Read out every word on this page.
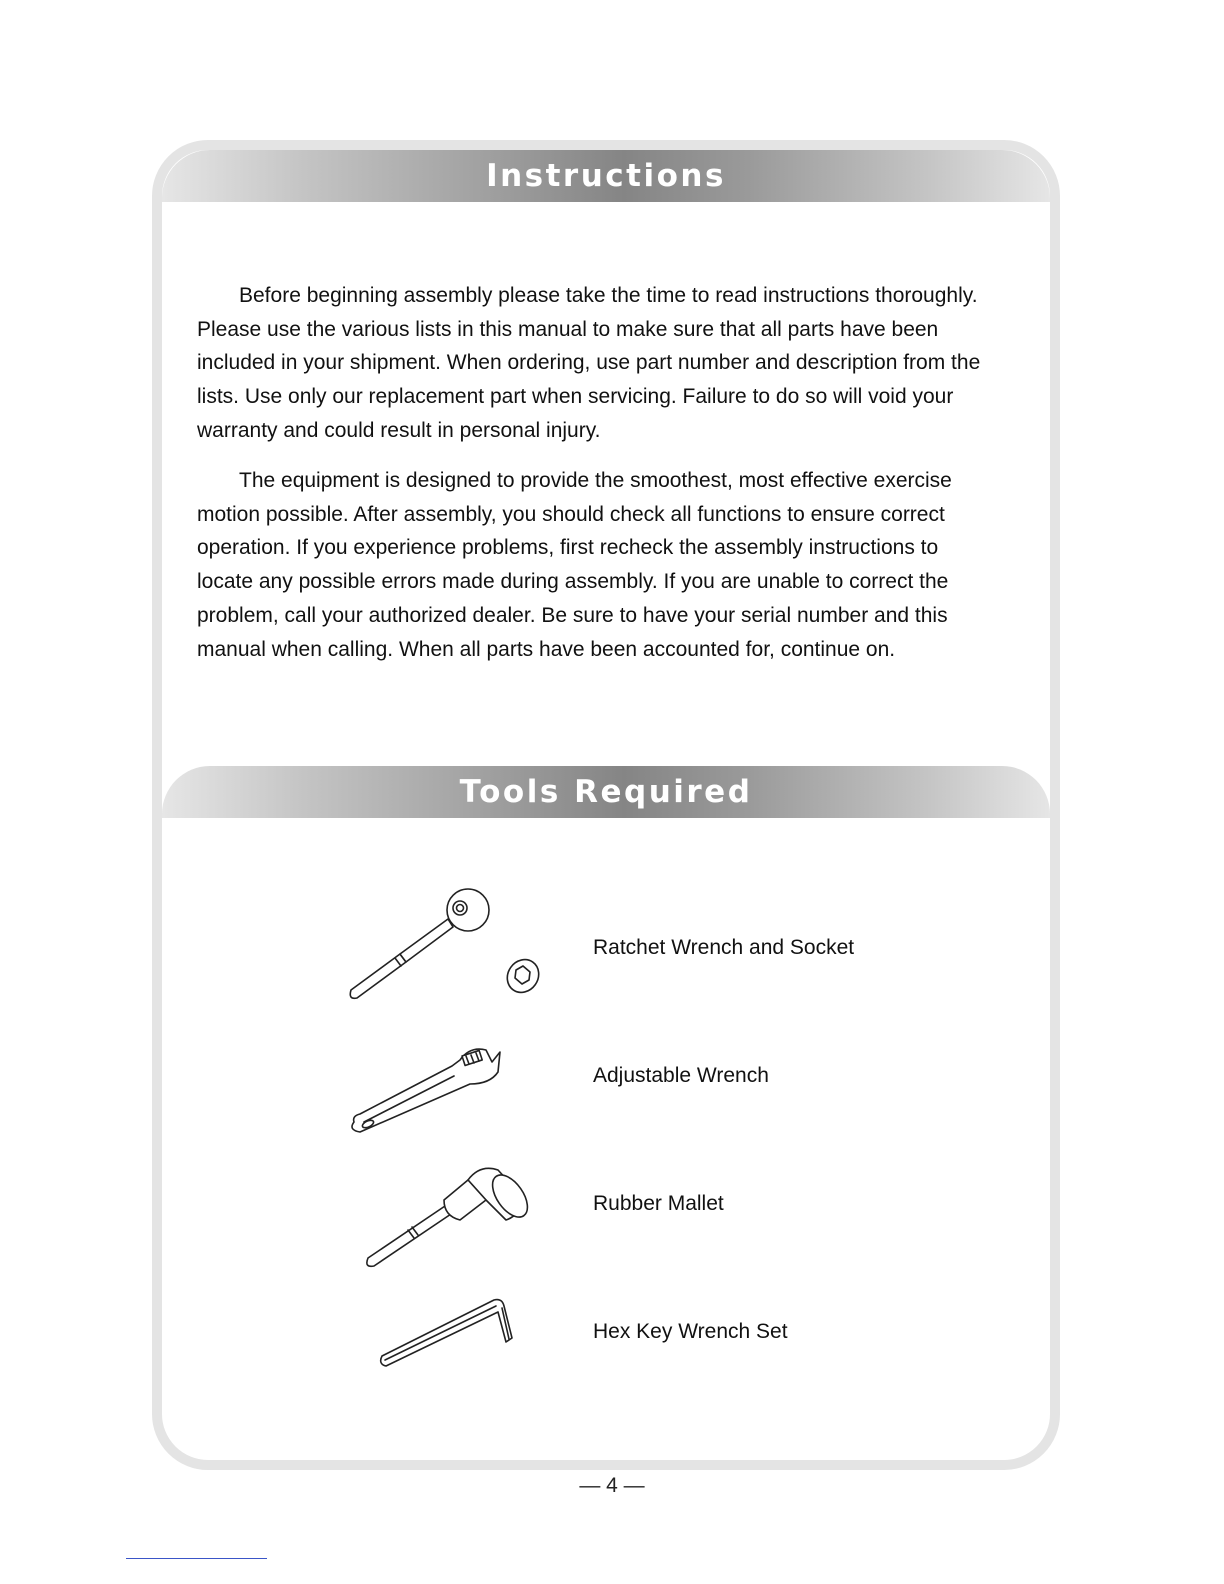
Instructions

Before beginning assembly please take the time to read instructions thoroughly. Please use the various lists in this manual to make sure that all parts have been included in your shipment. When ordering, use part number and description from the lists. Use only our replacement part when servicing. Failure to do so will void your warranty and could result in personal injury.

The equipment is designed to provide the smoothest, most effective exercise motion possible. After assembly, you should check all functions to ensure correct operation. If you experience problems, first recheck the assembly instructions to locate any possible errors made during assembly. If you are unable to correct the problem, call your authorized dealer. Be sure to have your serial number and this manual when calling. When all parts have been accounted for, continue on.

Tools Required
Ratchet Wrench and Socket
Adjustable Wrench
Rubber Mallet
Hex Key Wrench Set
— 4 —
